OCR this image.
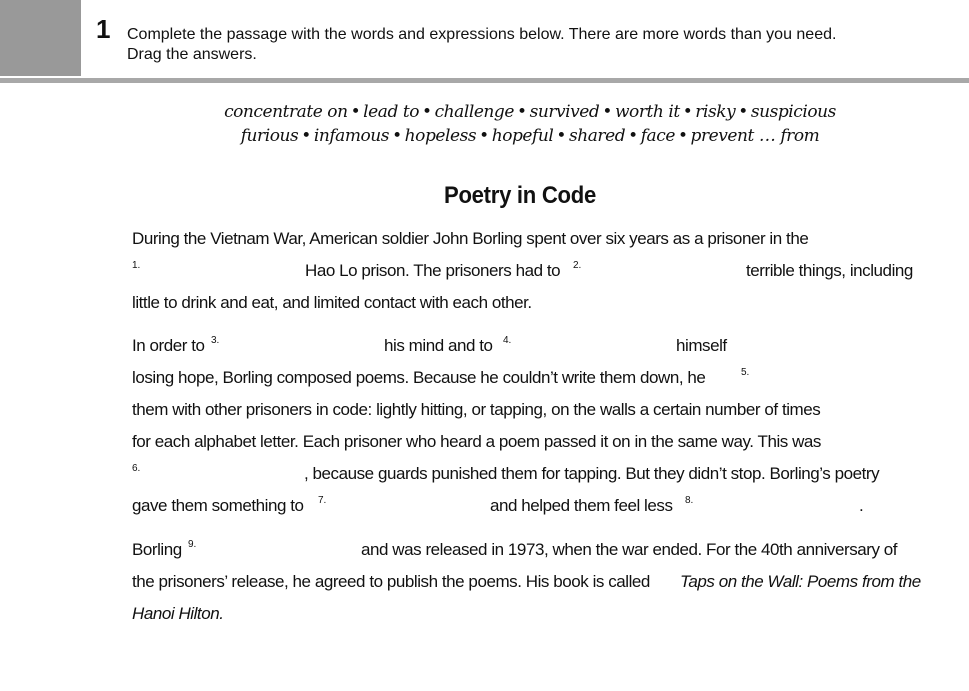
1 Complete the passage with the words and expressions below. There are more words than you need.
Drag the answers.
concentrate on • lead to • challenge • survived • worth it • risky • suspicious
furious • infamous • hopeless • hopeful • shared • face • prevent … from
Poetry in Code
During the Vietnam War, American soldier John Borling spent over six years as a prisoner in the
1.	Hao Lo prison. The prisoners had to 2.	terrible things, including
little to drink and eat, and limited contact with each other.
In order to 3.	his mind and to 4.	himself
losing hope, Borling composed poems. Because he couldn’t write them down, he	5.
them with other prisoners in code: lightly hitting, or tapping, on the walls a certain number of times
for each alphabet letter. Each prisoner who heard a poem passed it on in the same way. This was
6.	, because guards punished them for tapping. But they didn’t stop. Borling’s poetry
gave them something to 7.	and helped them feel less 8.	.
Borling 9.	and was released in 1973, when the war ended. For the 40th anniversary of
the prisoners’ release, he agreed to publish the poems. His book is called Taps on the Wall: Poems from the
Hanoi Hilton.
